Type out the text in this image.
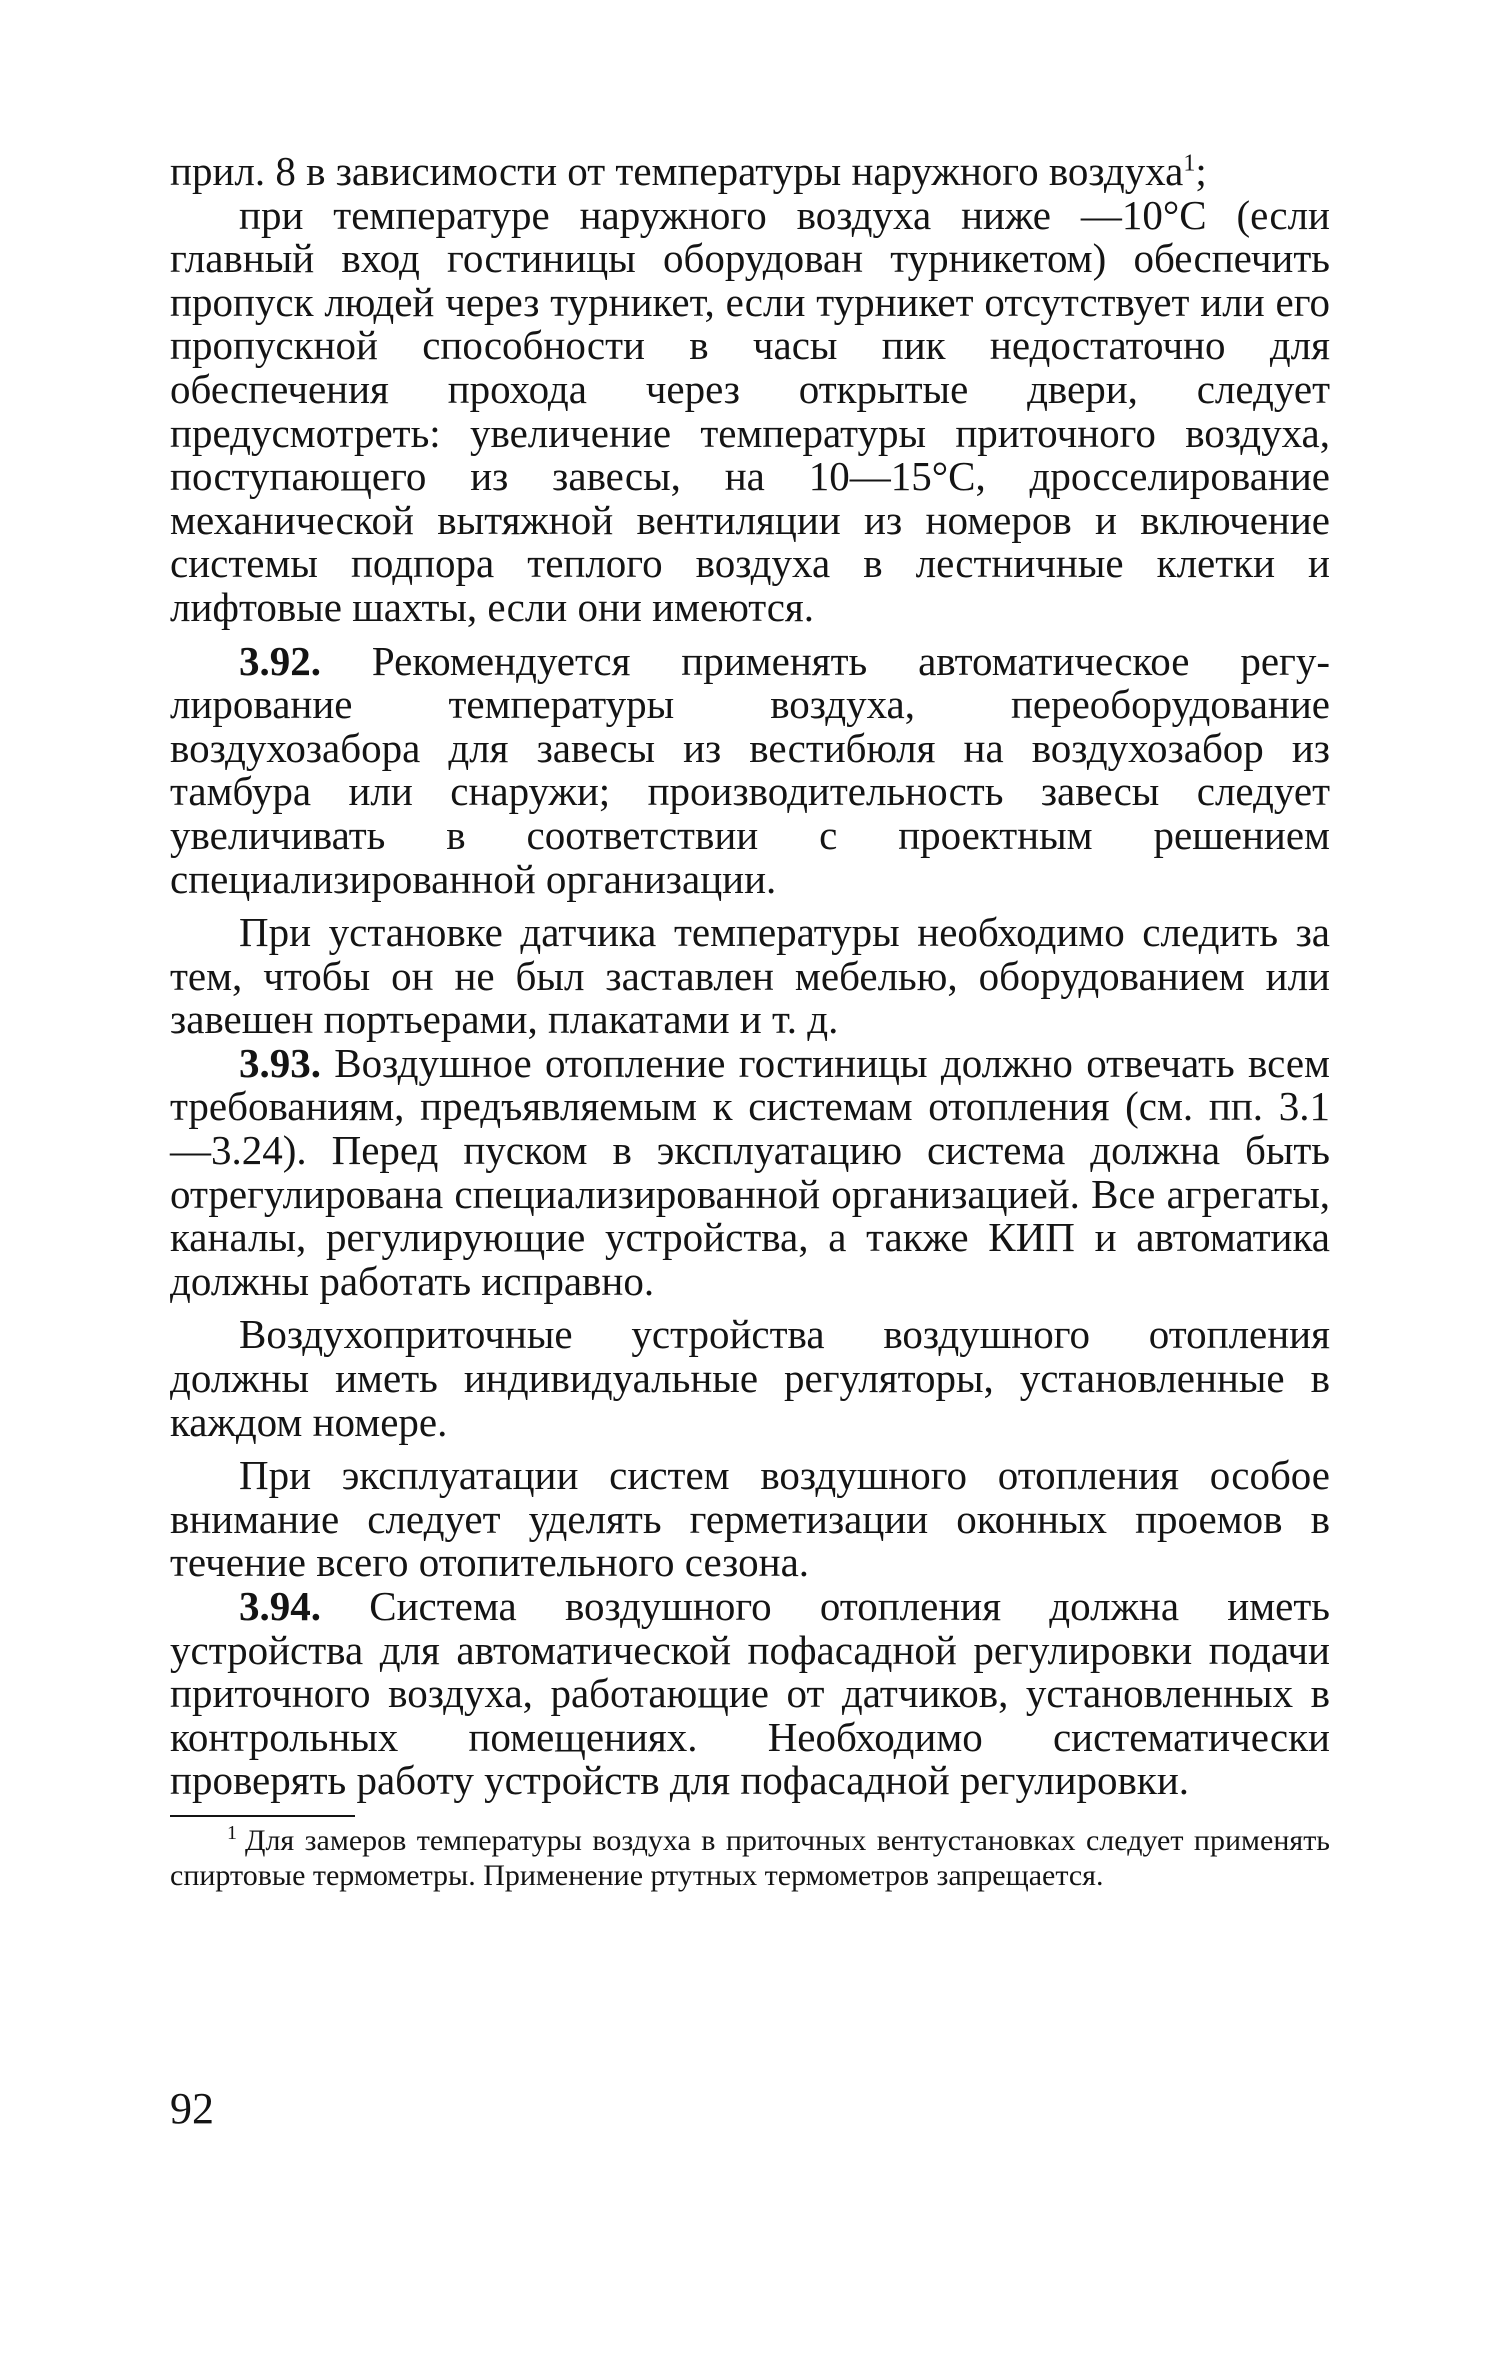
прил. 8 в зависимости от температуры наружного воздуха$^1$;

при температуре наружного воздуха ниже —10°С (если главный вход гостиницы оборудован турникетом) обеспечить пропуск людей через турникет, если турникет отсутствует или его пропускной способности в часы пик недостаточно для обеспечения прохода через открытые двери, следует предусмотреть: увеличение температуры приточного воздуха, поступающего из завесы, на 10—15°С, дросселирование механической вытяжной вентиляции из номеров и включение системы подпора теплого воздуха в лестничные клетки и лифтовые шахты, если они имеются.

3.92. Рекомендуется применять автоматическое регулирование температуры воздуха, переоборудование воздухозабора для завесы из вестибюля на воздухозабор из тамбура или снаружи; производительность завесы следует увеличивать в соответствии с проектным решением специализированной организации.

При установке датчика температуры необходимо следить за тем, чтобы он не был заставлен мебелью, оборудованием или завешен портьерами, плакатами и т. д.

3.93. Воздушное отопление гостиницы должно отвечать всем требованиям, предъявляемым к системам отопления (см. пп. 3.1—3.24). Перед пуском в эксплуатацию система должна быть отрегулирована специализированной организацией. Все агрегаты, каналы, регулирующие устройства, а также КИП и автоматика должны работать исправно.

Воздухоприточные устройства воздушного отопления должны иметь индивидуальные регуляторы, установленные в каждом номере.

При эксплуатации систем воздушного отопления особое внимание следует уделять герметизации оконных проемов в течение всего отопительного сезона.

3.94. Система воздушного отопления должна иметь устройства для автоматической пофасадной регулировки подачи приточного воздуха, работающие от датчиков, установленных в контрольных помещениях. Необходимо систематически проверять работу устройств для пофасадной регулировки.

$^1$ Для замеров температуры воздуха в приточных вентустановках следует применять спиртовые термометры. Применение ртутных термометров запрещается.

92
